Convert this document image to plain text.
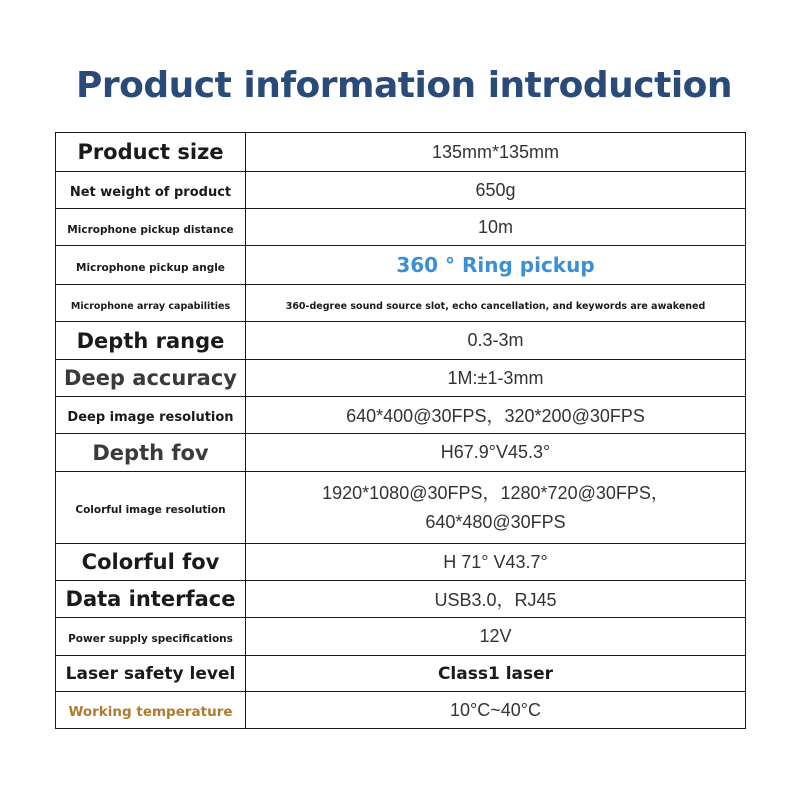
Product information introduction
Product size	135mm*135mm
Net weight of product	650g
Microphone pickup distance	10m
Microphone pickup angle	360 ° Ring pickup
Microphone array capabilities	360-degree sound source slot, echo cancellation, and keywords are awakened
Depth range	0.3-3m
Deep accuracy	1M:±1-3mm
Deep image resolution	640*400@30FPS，320*200@30FPS
Depth fov	H67.9°V45.3°
Colorful image resolution	1920*1080@30FPS，1280*720@30FPS，
640*480@30FPS

Colorful fov	H 71° V43.7°
Data interface	USB3.0，RJ45
Power supply specifications	12V
Laser safety level	Class1 laser
Working temperature	10°C~40°C
